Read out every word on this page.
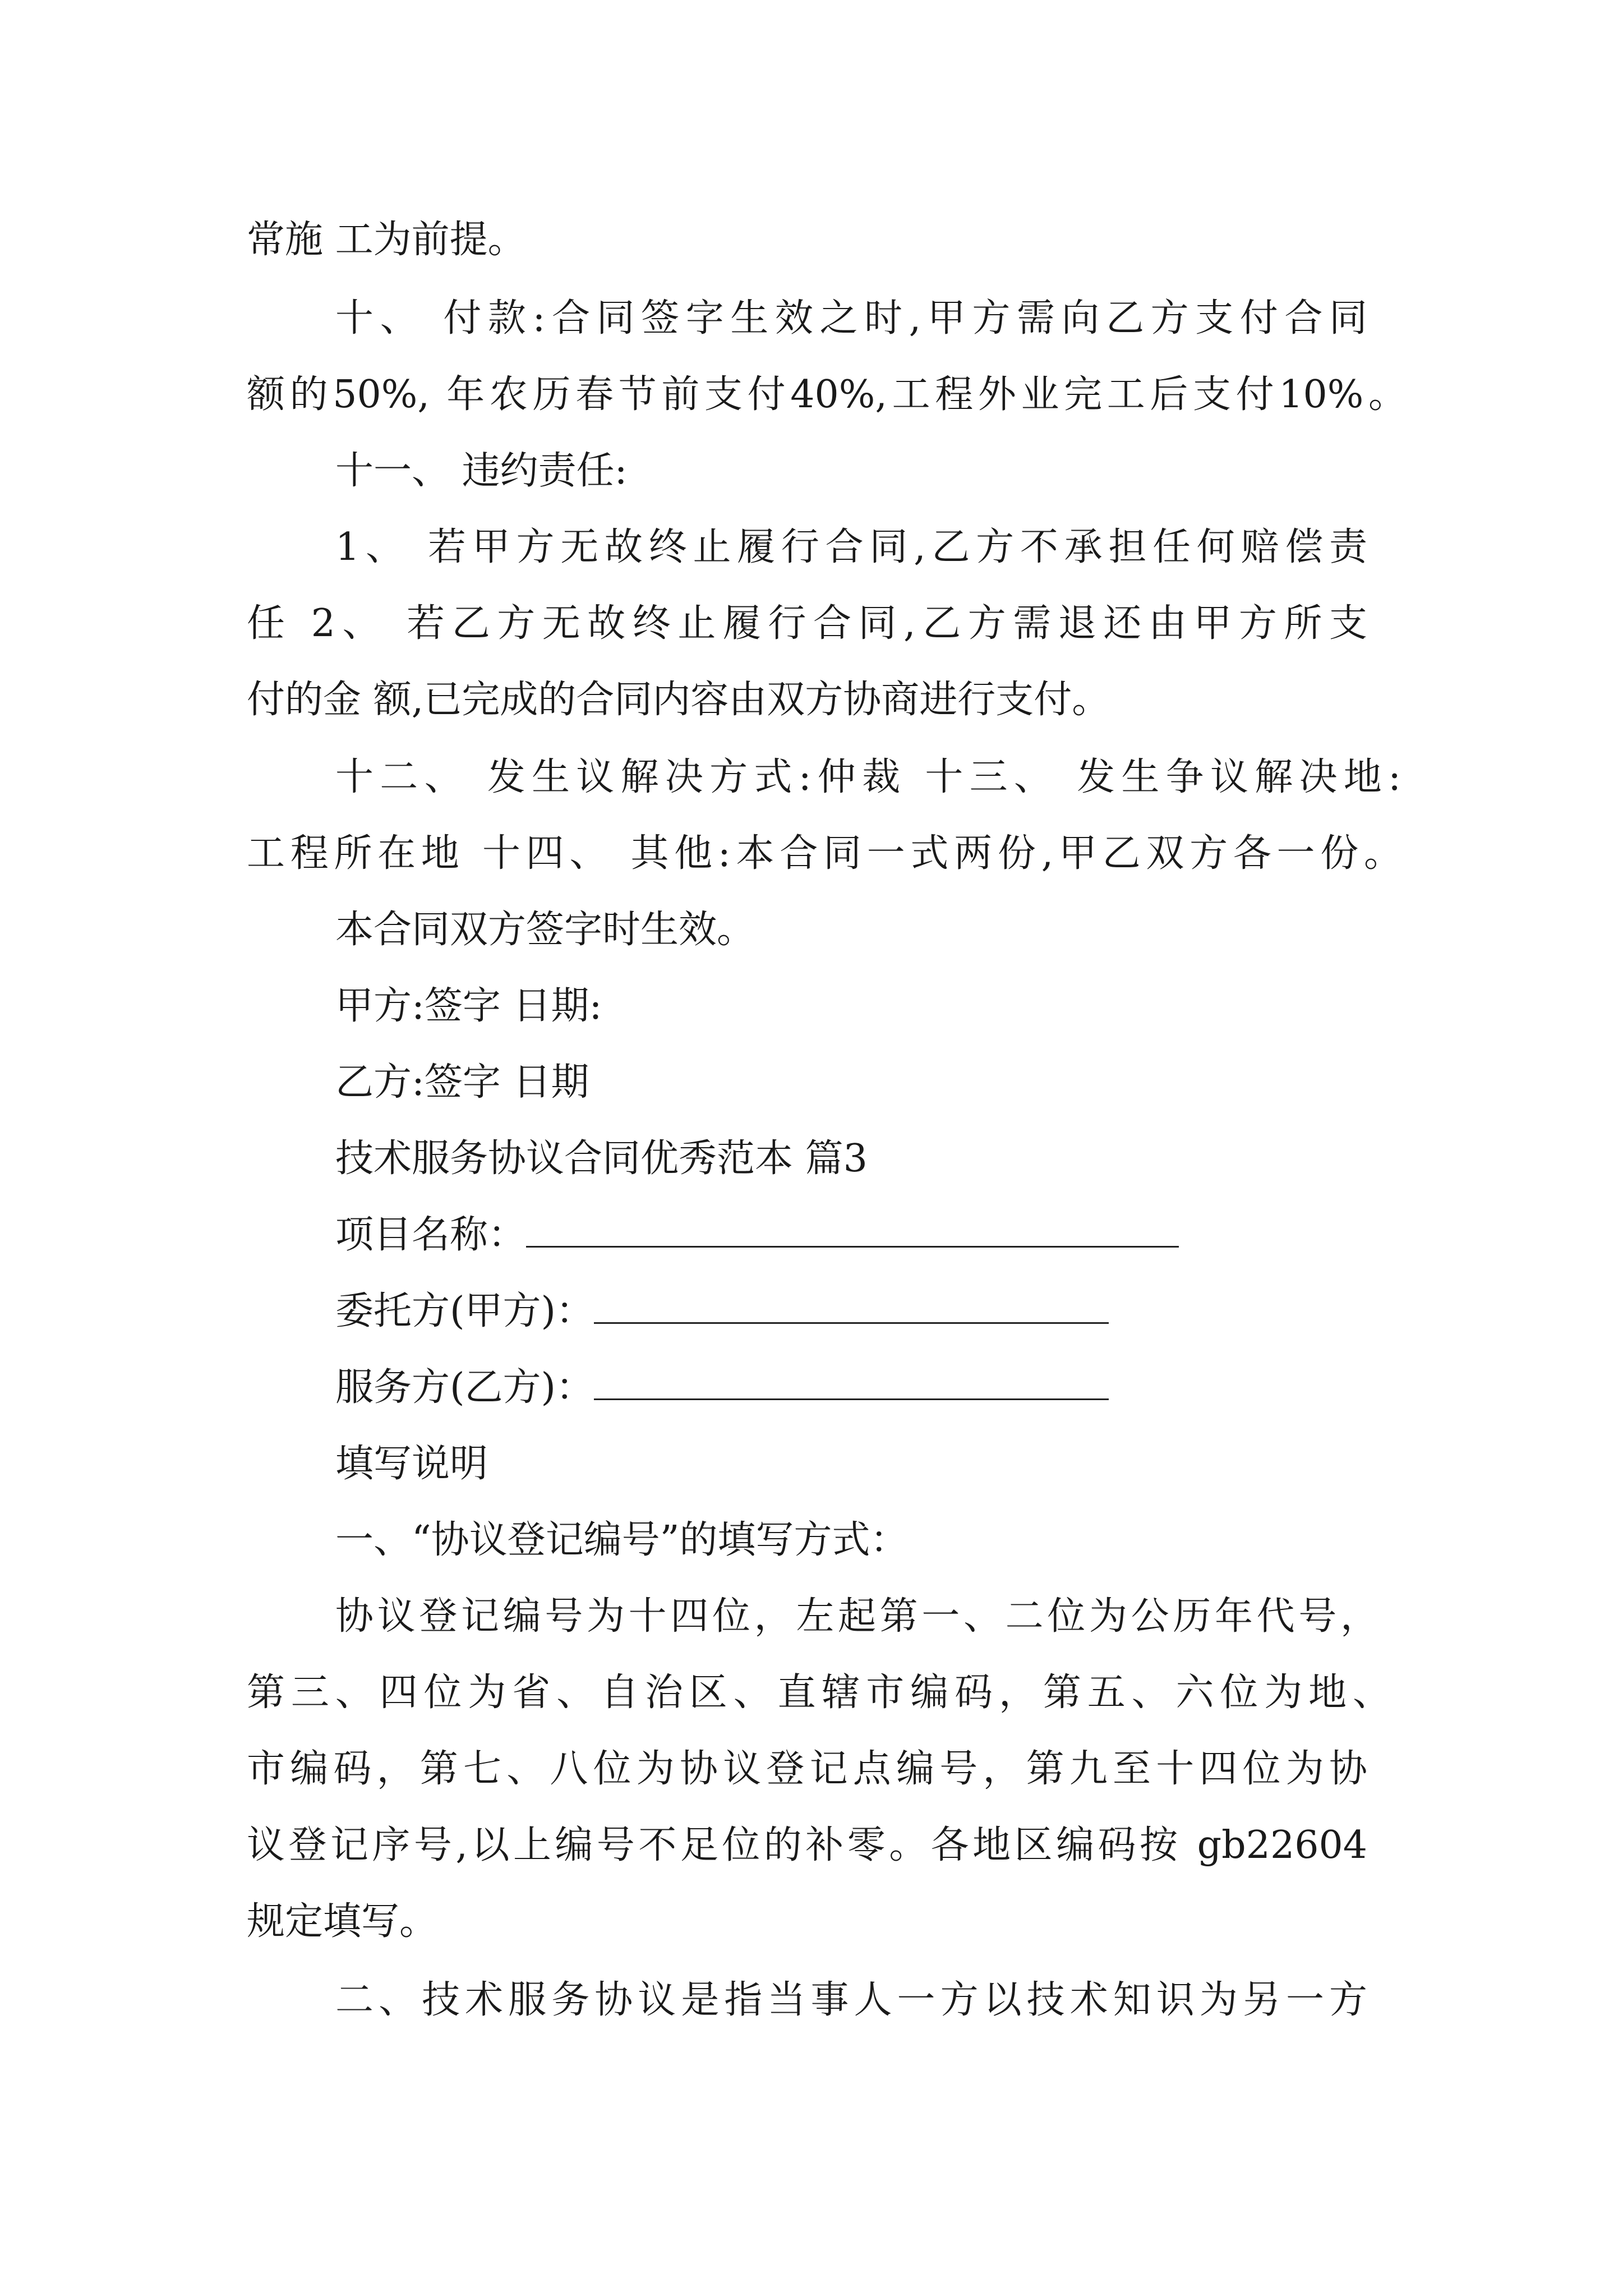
常施 工为前提。
十、 付款:合同签字生效之时,甲方需向乙方支付合同
额的50%, 年农历春节前支付40%,工程外业完工后支付10%。
十一、 违约责任:
1、 若甲方无故终止履行合同,乙方不承担任何赔偿责
任 2、 若乙方无故终止履行合同,乙方需退还由甲方所支
付的金 额,已完成的合同内容由双方协商进行支付。
十二、 发生议解决方式:仲裁 十三、 发生争议解决地:
工程所在地 十四、 其他:本合同一式两份,甲乙双方各一份。
本合同双方签字时生效。
甲方:签字 日期:
乙方:签字 日期
技术服务协议合同优秀范本 篇3
项目名称：
委托方(甲方)：
服务方(乙方)：
填写说明
一、“协议登记编号”的填写方式：
协议登记编号为十四位，左起第一、二位为公历年代号，
第三、四位为省、自治区、直辖市编码，第五、六位为地、
市编码，第七、八位为协议登记点编号，第九至十四位为协
议登记序号,以上编号不足位的补零。各地区编码按 gb22604
规定填写。
二、技术服务协议是指当事人一方以技术知识为另一方
